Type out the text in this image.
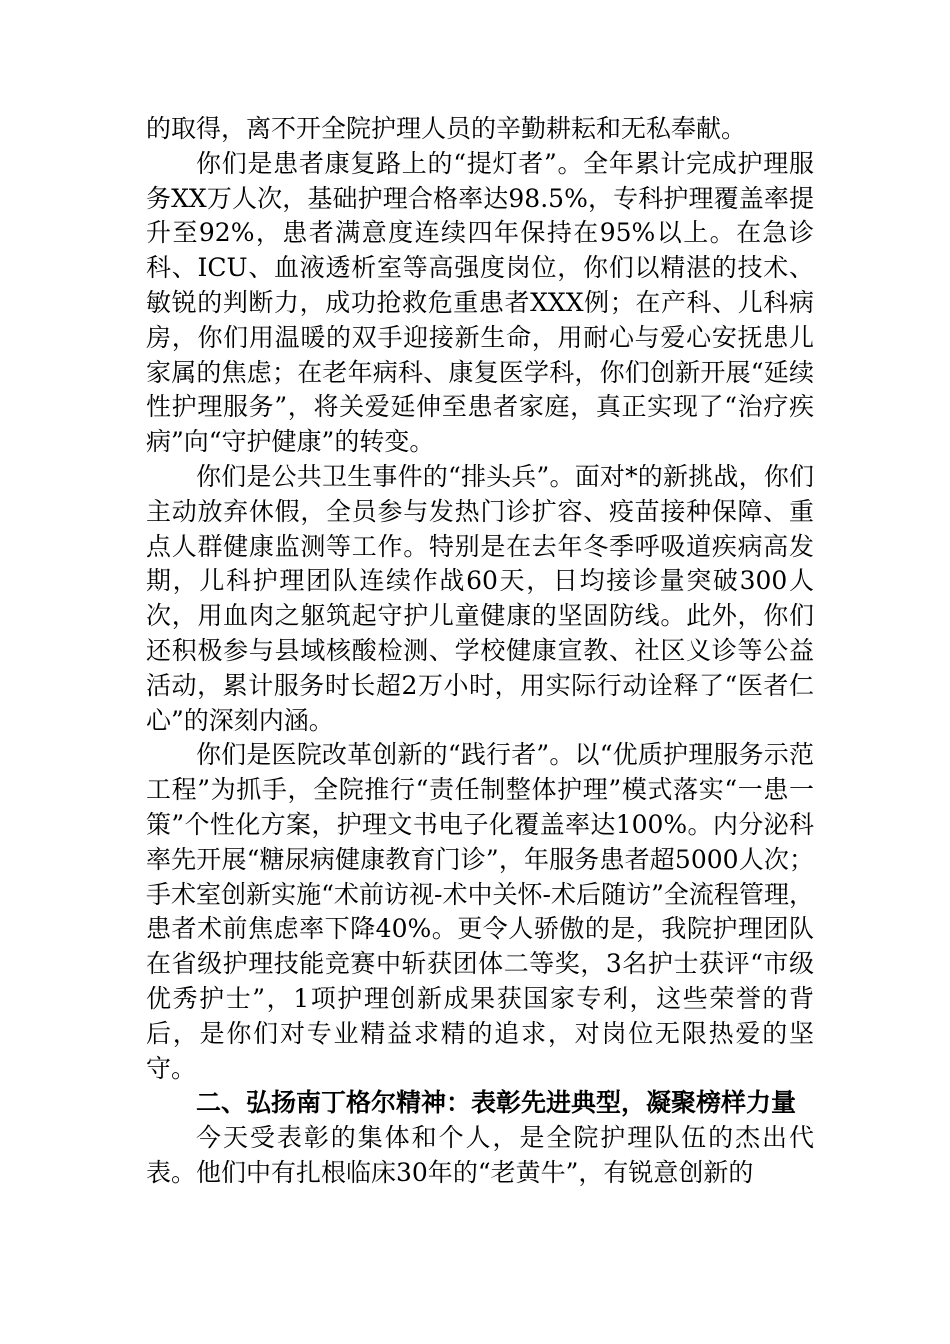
的取得，离不开全院护理人员的辛勤耕耘和无私奉献。

你们是患者康复路上的“提灯者”。全年累计完成护理服务XX万人次，基础护理合格率达98.5%，专科护理覆盖率提升至92%，患者满意度连续四年保持在95%以上。在急诊科、ICU、血液透析室等高强度岗位，你们以精湛的技术、敏锐的判断力，成功抢救危重患者XXX例；在产科、儿科病房，你们用温暖的双手迎接新生命，用耐心与爱心安抚患儿家属的焦虑；在老年病科、康复医学科，你们创新开展“延续性护理服务”，将关爱延伸至患者家庭，真正实现了“治疗疾病”向“守护健康”的转变。

你们是公共卫生事件的“排头兵”。面对*的新挑战，你们主动放弃休假，全员参与发热门诊扩容、疫苗接种保障、重点人群健康监测等工作。特别是在去年冬季呼吸道疾病高发期，儿科护理团队连续作战60天，日均接诊量突破300人次，用血肉之躯筑起守护儿童健康的坚固防线。此外，你们还积极参与县域核酸检测、学校健康宣教、社区义诊等公益活动，累计服务时长超2万小时，用实际行动诠释了“医者仁心”的深刻内涵。

你们是医院改革创新的“践行者”。以“优质护理服务示范工程”为抓手，全院推行“责任制整体护理”模式落实“一患一策”个性化方案，护理文书电子化覆盖率达100%。内分泌科率先开展“糖尿病健康教育门诊”，年服务患者超5000人次；手术室创新实施“术前访视-术中关怀-术后随访”全流程管理，患者术前焦虑率下降40%。更令人骄傲的是，我院护理团队在省级护理技能竞赛中斩获团体二等奖，3名护士获评“市级优秀护士”，1项护理创新成果获国家专利，这些荣誉的背后，是你们对专业精益求精的追求，对岗位无限热爱的坚守。

二、弘扬南丁格尔精神：表彰先进典型，凝聚榜样力量

今天受表彰的集体和个人，是全院护理队伍的杰出代表。他们中有扎根临床30年的“老黄牛”，有锐意创新的
